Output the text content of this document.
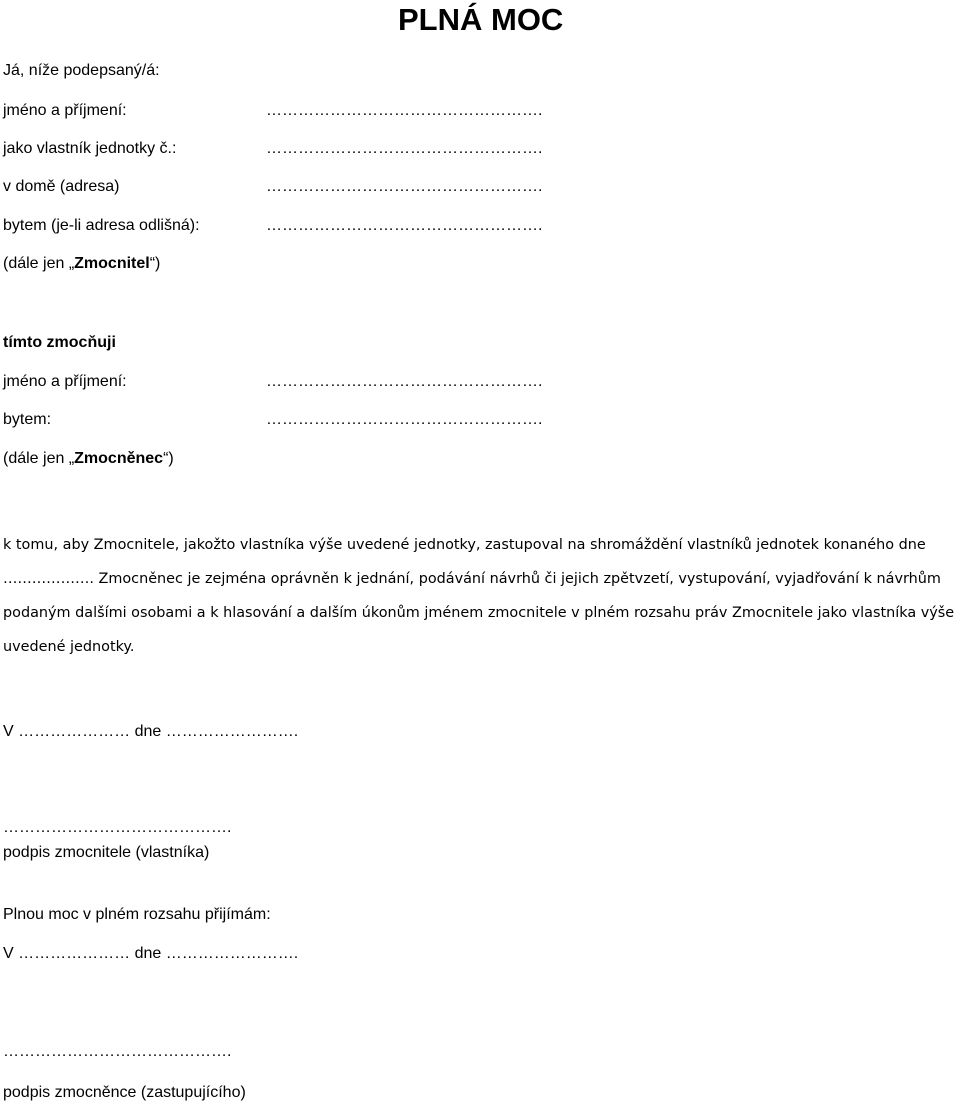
PLNÁ MOC
Já, níže podepsaný/á:
jméno a příjmení:	…………………………………………….
jako vlastník jednotky č.:	…………………………………………….
v domě (adresa)	…………………………………………….
bytem (je-li adresa odlišná):	…………………………………………….
(dále jen „Zmocnitel“)
tímto zmocňuji
jméno a příjmení:	…………………………………………….
bytem:	…………………………………………….
(dále jen „Zmocněnec“)
k tomu, aby Zmocnitele, jakožto vlastníka výše uvedené jednotky, zastupoval na shromáždění vlastníků jednotek konaného dne
………………. Zmocněnec je zejména oprávněn k jednání, podávání návrhů či jejich zpětvzetí, vystupování, vyjadřování k návrhům
podaným dalšími osobami a k hlasování a dalším úkonům jménem zmocnitele v plném rozsahu práv Zmocnitele jako vlastníka výše
uvedené jednotky.
V ………………… dne …………………….
…………………………………….
podpis zmocnitele (vlastníka)
Plnou moc v plném rozsahu přijímám:
V ………………… dne …………………….
…………………………………….
podpis zmocněnce (zastupujícího)
